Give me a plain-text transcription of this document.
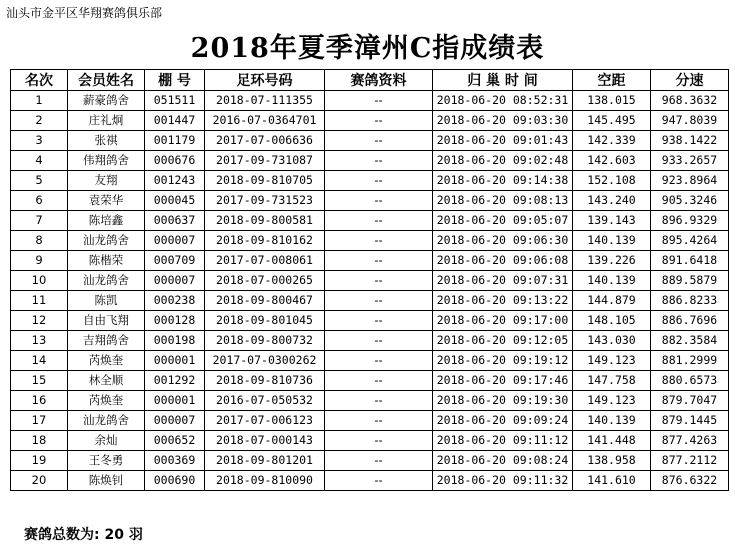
汕头市金平区华翔赛鸽俱乐部
2018年夏季漳州C指成绩表
名次	会员姓名	棚 号	足环号码	赛鸽资料	归 巢 时 间	空距	分速
1	薪豪鸽舍	051511	2018-07-111355	--	2018-06-20 08:52:31	138.015	968.3632
2	庄礼炯	001447	2016-07-0364701	--	2018-06-20 09:03:30	145.495	947.8039
3	张祺	001179	2017-07-006636	--	2018-06-20 09:01:43	142.339	938.1422
4	伟翔鸽舍	000676	2017-09-731087	--	2018-06-20 09:02:48	142.603	933.2657
5	友翔	001243	2018-09-810705	--	2018-06-20 09:14:38	152.108	923.8964
6	袁荣华	000045	2017-09-731523	--	2018-06-20 09:08:13	143.240	905.3246
7	陈培鑫	000637	2018-09-800581	--	2018-06-20 09:05:07	139.143	896.9329
8	汕龙鸽舍	000007	2018-09-810162	--	2018-06-20 09:06:30	140.139	895.4264
9	陈楷荣	000709	2017-07-008061	--	2018-06-20 09:06:08	139.226	891.6418
10	汕龙鸽舍	000007	2018-07-000265	--	2018-06-20 09:07:31	140.139	889.5879
11	陈凯	000238	2018-09-800467	--	2018-06-20 09:13:22	144.879	886.8233
12	自由飞翔	000128	2018-09-801045	--	2018-06-20 09:17:00	148.105	886.7696
13	吉翔鸽舍	000198	2018-09-800732	--	2018-06-20 09:12:05	143.030	882.3584
14	芮焕奎	000001	2017-07-0300262	--	2018-06-20 09:19:12	149.123	881.2999
15	林全顺	001292	2018-09-810736	--	2018-06-20 09:17:46	147.758	880.6573
16	芮焕奎	000001	2016-07-050532	--	2018-06-20 09:19:30	149.123	879.7047
17	汕龙鸽舍	000007	2017-07-006123	--	2018-06-20 09:09:24	140.139	879.1445
18	余灿	000652	2018-07-000143	--	2018-06-20 09:11:12	141.448	877.4263
19	王冬勇	000369	2018-09-801201	--	2018-06-20 09:08:24	138.958	877.2112
20	陈焕钊	000690	2018-09-810090	--	2018-06-20 09:11:32	141.610	876.6322
赛鸽总数为: 20 羽
